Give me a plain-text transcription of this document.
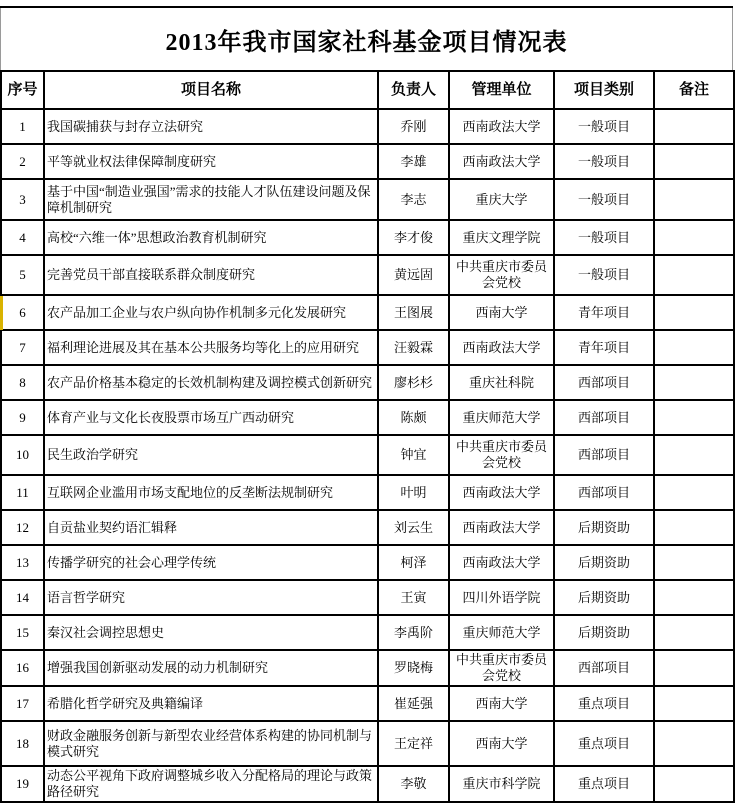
2013年我市国家社科基金项目情况表
序号	项目名称	负责人	管理单位	项目类别	备注
1	我国碳捕获与封存立法研究	乔刚	西南政法大学	一般项目	
2	平等就业权法律保障制度研究	李雄	西南政法大学	一般项目	
3	基于中国“制造业强国”需求的技能人才队伍建设问题及保障机制研究	李志	重庆大学	一般项目	
4	高校“六维一体”思想政治教育机制研究	李才俊	重庆文理学院	一般项目	
5	完善党员干部直接联系群众制度研究	黄远固	中共重庆市委员会党校	一般项目	
6	农产品加工企业与农户纵向协作机制多元化发展研究	王图展	西南大学	青年项目	
7	福利理论进展及其在基本公共服务均等化上的应用研究	汪毅霖	西南政法大学	青年项目	
8	农产品价格基本稳定的长效机制构建及调控模式创新研究	廖杉杉	重庆社科院	西部项目	
9	体育产业与文化长夜股票市场互广西动研究	陈颇	重庆师范大学	西部项目	
10	民生政治学研究	钟宜	中共重庆市委员会党校	西部项目	
11	互联网企业滥用市场支配地位的反垄断法规制研究	叶明	西南政法大学	西部项目	
12	自贡盐业契约语汇辑释	刘云生	西南政法大学	后期资助	
13	传播学研究的社会心理学传统	柯泽	西南政法大学	后期资助	
14	语言哲学研究	王寅	四川外语学院	后期资助	
15	秦汉社会调控思想史	李禹阶	重庆师范大学	后期资助	
16	增强我国创新驱动发展的动力机制研究	罗晓梅	中共重庆市委员会党校	西部项目	
17	希腊化哲学研究及典籍编译	崔延强	西南大学	重点项目	
18	财政金融服务创新与新型农业经营体系构建的协同机制与模式研究	王定祥	西南大学	重点项目	
19	动态公平视角下政府调整城乡收入分配格局的理论与政策路径研究	李敬	重庆市科学院	重点项目	
